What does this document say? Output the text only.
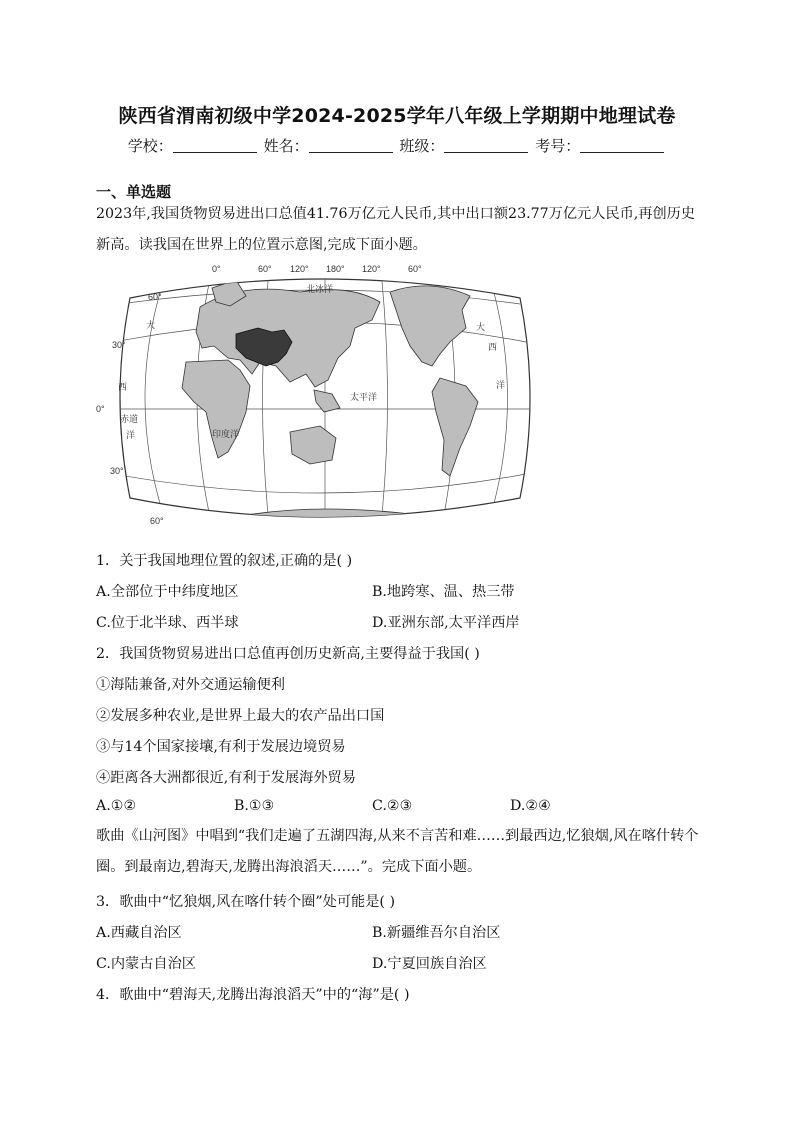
陕西省渭南初级中学2024-2025学年八年级上学期期中地理试卷
学校：	姓名：	班级：	考号：
一、单选题

2023年,我国货物贸易进出口总值41.76万亿元人民币,其中出口额23.77万亿元人民币,再创历史新高。读我国在世界上的位置示意图,完成下面小题。

0°	60° 120° 180° 120°	60°
60°
30°
0°
30°
60°
北冰洋
太平洋
印度洋
赤道
大
西
洋
大
西
洋
1．关于我国地理位置的叙述,正确的是( )
A.全部位于中纬度地区	B.地跨寒、温、热三带
C.位于北半球、西半球	D.亚洲东部,太平洋西岸
2．我国货物贸易进出口总值再创历史新高,主要得益于我国( )
①海陆兼备,对外交通运输便利
②发展多种农业,是世界上最大的农产品出口国
③与14个国家接壤,有利于发展边境贸易
④距离各大洲都很近,有利于发展海外贸易
A.①②	B.①③	C.②③	D.②④

歌曲《山河图》中唱到“我们走遍了五湖四海,从来不言苦和难……到最西边,忆狼烟,风在喀什转个圈。到最南边,碧海天,龙腾出海浪滔天……”。完成下面小题。

3．歌曲中“忆狼烟,风在喀什转个圈”处可能是( )
A.西藏自治区	B.新疆维吾尔自治区
C.内蒙古自治区	D.宁夏回族自治区
4．歌曲中“碧海天,龙腾出海浪滔天”中的“海”是( )
